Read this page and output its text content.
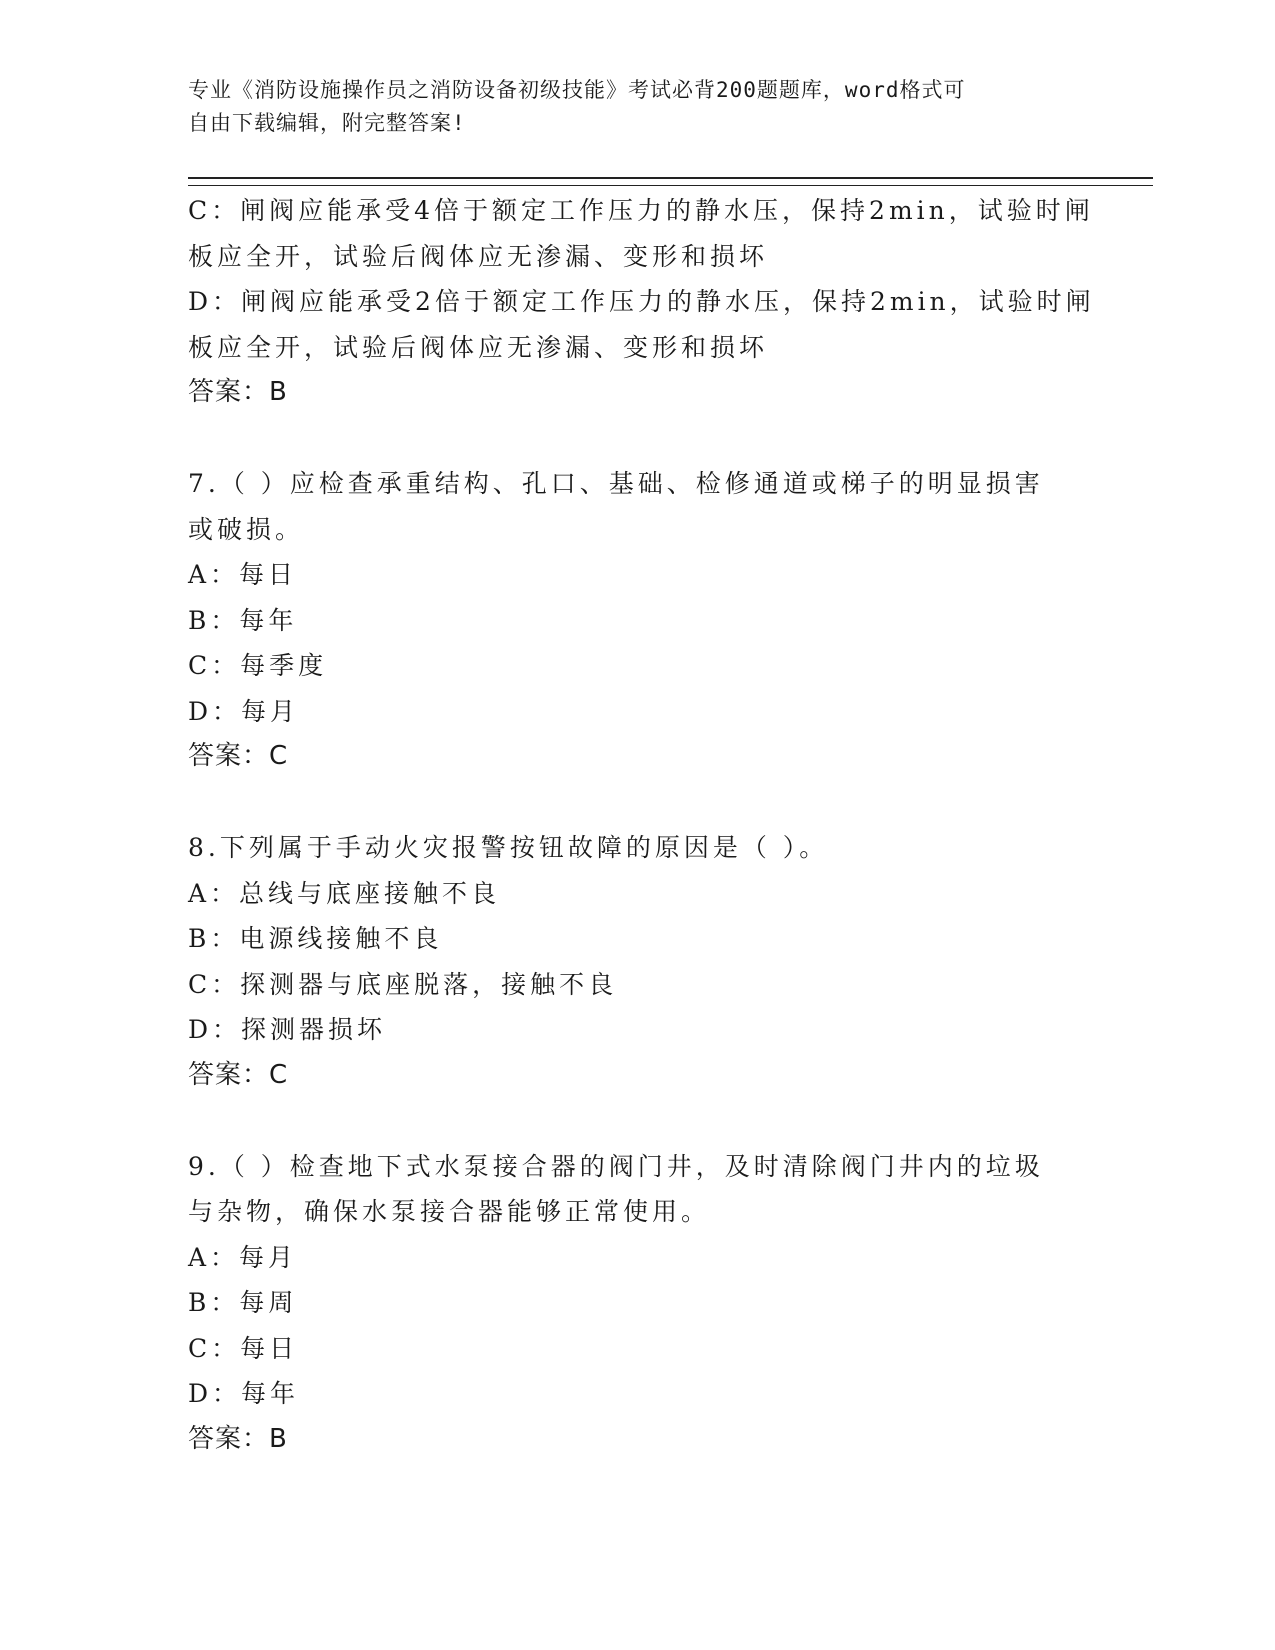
专业《消防设施操作员之消防设备初级技能》考试必背200题题库，word格式可
自由下载编辑，附完整答案!
C：闸阀应能承受4倍于额定工作压力的静水压，保持2min，试验时闸
板应全开，试验后阀体应无渗漏、变形和损坏
D：闸阀应能承受2倍于额定工作压力的静水压，保持2min，试验时闸
板应全开，试验后阀体应无渗漏、变形和损坏
答案：B
7.（ ）应检查承重结构、孔口、基础、检修通道或梯子的明显损害
或破损。
A：每日
B：每年
C：每季度
D：每月
答案：C
8.下列属于手动火灾报警按钮故障的原因是（ ）。
A：总线与底座接触不良
B：电源线接触不良
C：探测器与底座脱落，接触不良
D：探测器损坏
答案：C
9.（ ）检查地下式水泵接合器的阀门井，及时清除阀门井内的垃圾
与杂物，确保水泵接合器能够正常使用。
A：每月
B：每周
C：每日
D：每年
答案：B
